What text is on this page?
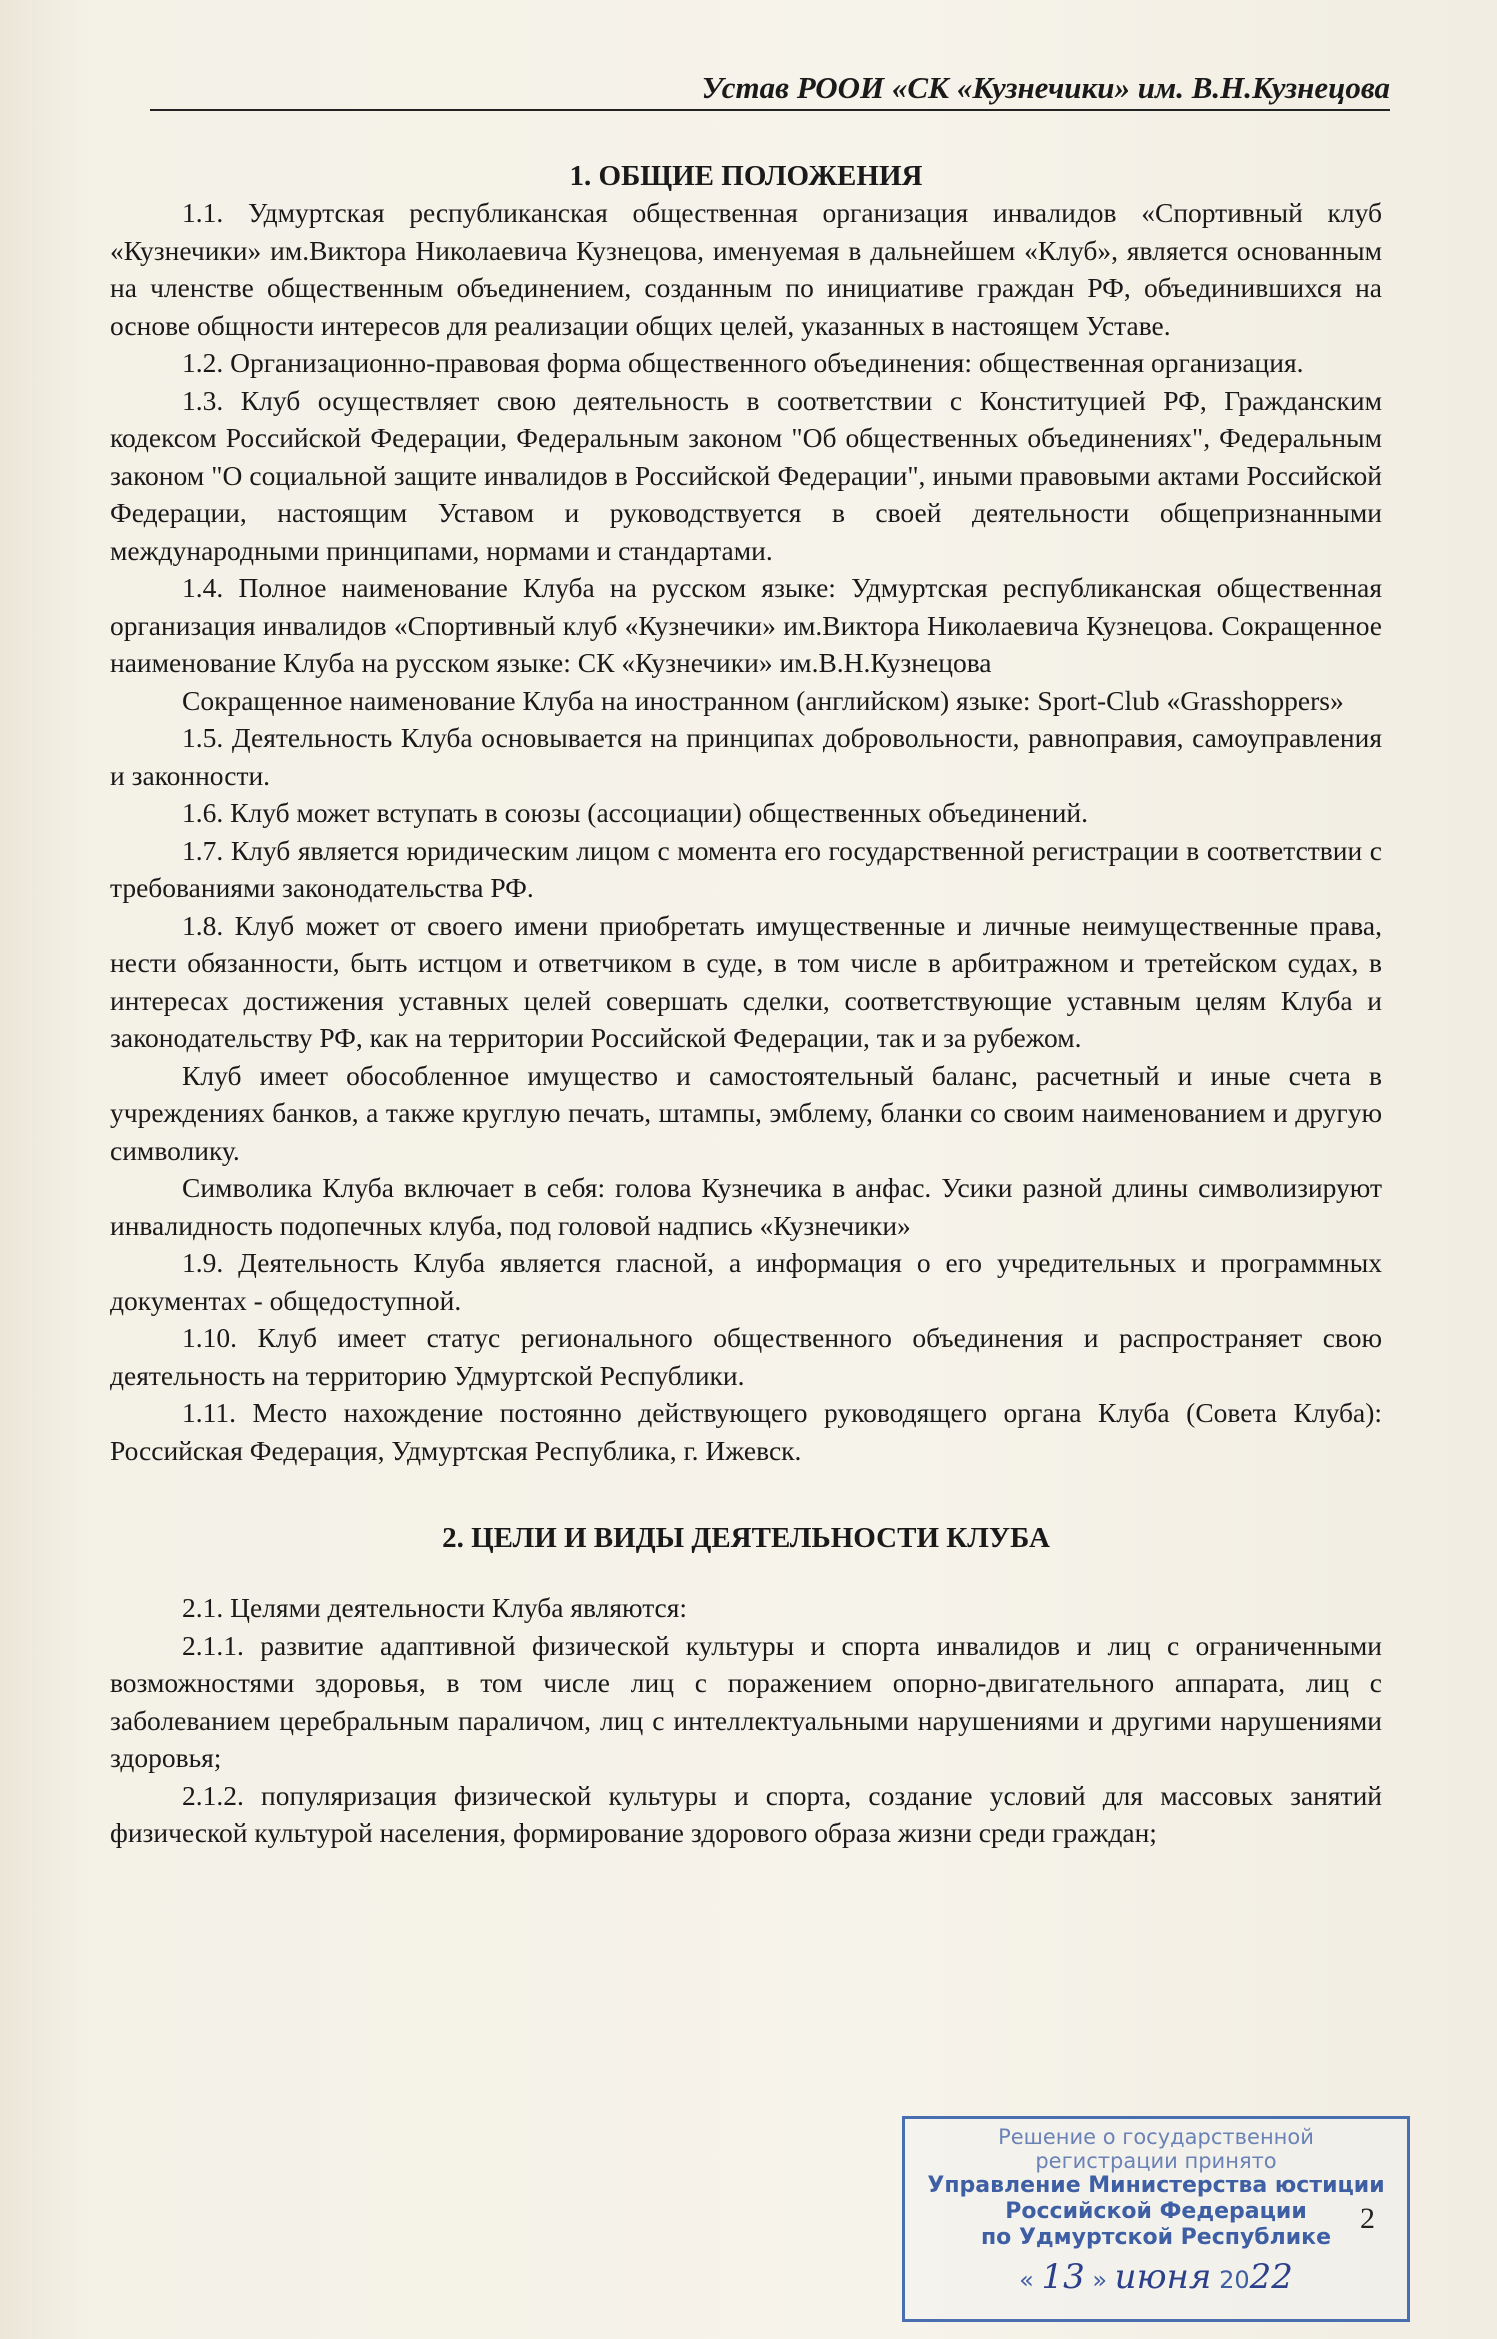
Устав РООИ «СК «Кузнечики» им. В.Н.Кузнецова
1. ОБЩИЕ ПОЛОЖЕНИЯ

1.1. Удмуртская республиканская общественная организация инвалидов «Спортивный клуб «Кузнечики» им.Виктора Николаевича Кузнецова, именуемая в дальнейшем «Клуб», является основанным на членстве общественным объединением, созданным по инициативе граждан РФ, объединившихся на основе общности интересов для реализации общих целей, указанных в настоящем Уставе.

1.2. Организационно-правовая форма общественного объединения: общественная организация.

1.3. Клуб осуществляет свою деятельность в соответствии с Конституцией РФ, Гражданским кодексом Российской Федерации, Федеральным законом "Об общественных объединениях", Федеральным законом "О социальной защите инвалидов в Российской Федерации", иными правовыми актами Российской Федерации, настоящим Уставом и руководствуется в своей деятельности общепризнанными международными принципами, нормами и стандартами.

1.4. Полное наименование Клуба на русском языке: Удмуртская республиканская общественная организация инвалидов «Спортивный клуб «Кузнечики» им.Виктора Николаевича Кузнецова. Сокращенное наименование Клуба на русском языке: СК «Кузнечики» им.В.Н.Кузнецова

Сокращенное наименование Клуба на иностранном (английском) языке: Sport-Club «Grasshoppers»

1.5. Деятельность Клуба основывается на принципах добровольности, равноправия, самоуправления и законности.

1.6. Клуб может вступать в союзы (ассоциации) общественных объединений.

1.7. Клуб является юридическим лицом с момента его государственной регистрации в соответствии с требованиями законодательства РФ.

1.8. Клуб может от своего имени приобретать имущественные и личные неимущественные права, нести обязанности, быть истцом и ответчиком в суде, в том числе в арбитражном и третейском судах, в интересах достижения уставных целей совершать сделки, соответствующие уставным целям Клуба и законодательству РФ, как на территории Российской Федерации, так и за рубежом.

Клуб имеет обособленное имущество и самостоятельный баланс, расчетный и иные счета в учреждениях банков, а также круглую печать, штампы, эмблему, бланки со своим наименованием и другую символику.

Символика Клуба включает в себя: голова Кузнечика в анфас. Усики разной длины символизируют инвалидность подопечных клуба, под головой надпись «Кузнечики»

1.9. Деятельность Клуба является гласной, а информация о его учредительных и программных документах - общедоступной.

1.10. Клуб имеет статус регионального общественного объединения и распространяет свою деятельность на территорию Удмуртской Республики.

1.11. Место нахождение постоянно действующего руководящего органа Клуба (Совета Клуба): Российская Федерация, Удмуртская Республика, г. Ижевск.

2. ЦЕЛИ И ВИДЫ ДЕЯТЕЛЬНОСТИ КЛУБА

2.1. Целями деятельности Клуба являются:

2.1.1. развитие адаптивной физической культуры и спорта инвалидов и лиц с ограниченными возможностями здоровья, в том числе лиц с поражением опорно-двигательного аппарата, лиц с заболеванием церебральным параличом, лиц с интеллектуальными нарушениями и другими нарушениями здоровья;

2.1.2. популяризация физической культуры и спорта, создание условий для массовых занятий физической культурой населения, формирование здорового образа жизни среди граждан;

Решение о государственной
регистрации принято
Управление Министерства юстиции
Российской Федерации
по Удмуртской Республике
« 13 » июня 2022
2
